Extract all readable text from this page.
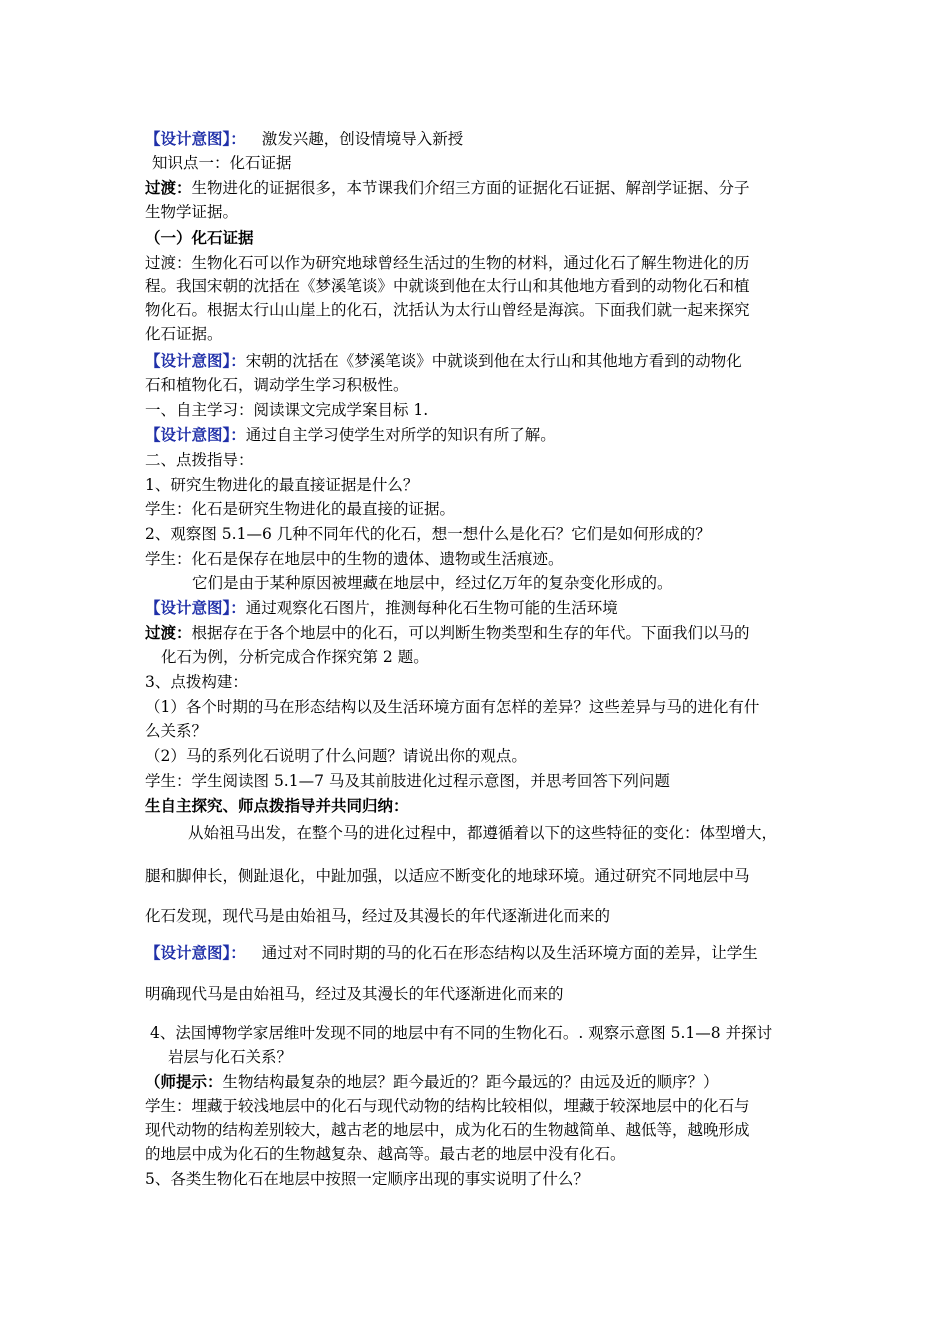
【设计意图】： 激发兴趣，创设情境导入新授
知识点一：化石证据
过渡：生物进化的证据很多，本节课我们介绍三方面的证据化石证据、解剖学证据、分子
生物学证据。
（一）化石证据
过渡：生物化石可以作为研究地球曾经生活过的生物的材料，通过化石了解生物进化的历
程。我国宋朝的沈括在《梦溪笔谈》中就谈到他在太行山和其他地方看到的动物化石和植
物化石。根据太行山山崖上的化石，沈括认为太行山曾经是海滨。下面我们就一起来探究
化石证据。
【设计意图】：宋朝的沈括在《梦溪笔谈》中就谈到他在太行山和其他地方看到的动物化
石和植物化石，调动学生学习积极性。
一、自主学习：阅读课文完成学案目标 1.
【设计意图】：通过自主学习使学生对所学的知识有所了解。
二、点拨指导：
1、研究生物进化的最直接证据是什么？
学生：化石是研究生物进化的最直接的证据。
2、观察图 5.1—6 几种不同年代的化石，想一想什么是化石？它们是如何形成的？
学生：化石是保存在地层中的生物的遗体、遗物或生活痕迹。
它们是由于某种原因被埋藏在地层中，经过亿万年的复杂变化形成的。
【设计意图】：通过观察化石图片，推测每种化石生物可能的生活环境
过渡：根据存在于各个地层中的化石，可以判断生物类型和生存的年代。下面我们以马的
化石为例，分析完成合作探究第 2 题。
3、点拨构建：
（1）各个时期的马在形态结构以及生活环境方面有怎样的差异？这些差异与马的进化有什
么关系？
（2）马的系列化石说明了什么问题？请说出你的观点。
学生：学生阅读图 5.1—7 马及其前肢进化过程示意图，并思考回答下列问题
生自主探究、师点拨指导并共同归纳：
从始祖马出发，在整个马的进化过程中，都遵循着以下的这些特征的变化：体型增大，
腿和脚伸长，侧趾退化，中趾加强，以适应不断变化的地球环境。通过研究不同地层中马
化石发现，现代马是由始祖马，经过及其漫长的年代逐渐进化而来的
【设计意图】： 通过对不同时期的马的化石在形态结构以及生活环境方面的差异，让学生
明确现代马是由始祖马，经过及其漫长的年代逐渐进化而来的
4、法国博物学家居维叶发现不同的地层中有不同的生物化石。. 观察示意图 5.1—8 并探讨
岩层与化石关系？
（师提示：生物结构最复杂的地层？距今最近的？距今最远的？由远及近的顺序？）
学生：埋藏于较浅地层中的化石与现代动物的结构比较相似，埋藏于较深地层中的化石与
现代动物的结构差别较大，越古老的地层中，成为化石的生物越简单、越低等，越晚形成
的地层中成为化石的生物越复杂、越高等。最古老的地层中没有化石。
5、各类生物化石在地层中按照一定顺序出现的事实说明了什么？
